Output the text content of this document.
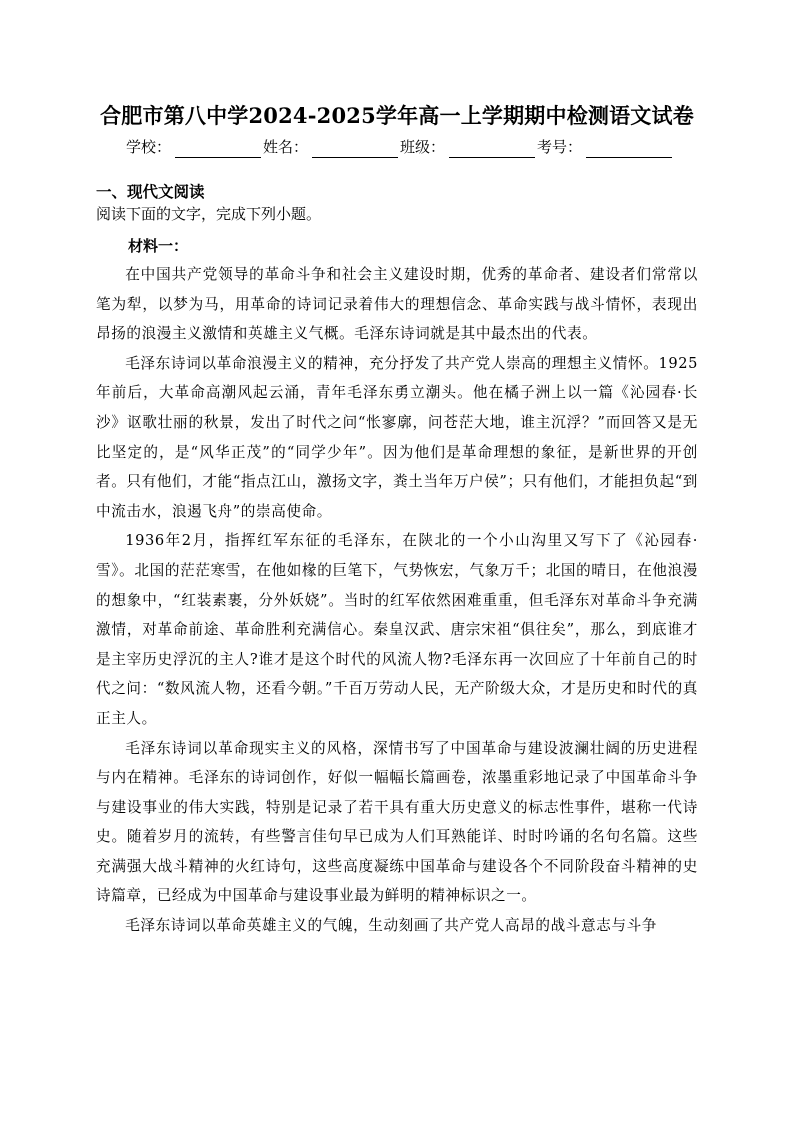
合肥市第八中学2024-2025学年高一上学期期中检测语文试卷
学校：	姓名：	班级：	考号：
一、现代文阅读
阅读下面的文字，完成下列小题。
材料一：

在中国共产党领导的革命斗争和社会主义建设时期，优秀的革命者、建设者们常常以笔为犁，以梦为马，用革命的诗词记录着伟大的理想信念、革命实践与战斗情怀，表现出昂扬的浪漫主义激情和英雄主义气概。毛泽东诗词就是其中最杰出的代表。

毛泽东诗词以革命浪漫主义的精神，充分抒发了共产党人崇高的理想主义情怀。1925年前后，大革命高潮风起云涌，青年毛泽东勇立潮头。他在橘子洲上以一篇《沁园春·长沙》讴歌壮丽的秋景，发出了时代之问“怅寥廓，问苍茫大地，谁主沉浮？”而回答又是无比坚定的，是“风华正茂”的“同学少年”。因为他们是革命理想的象征，是新世界的开创者。只有他们，才能“指点江山，激扬文字，粪土当年万户侯”；只有他们，才能担负起“到中流击水，浪遏飞舟”的崇高使命。

1936年2月，指挥红军东征的毛泽东，在陕北的一个小山沟里又写下了《沁园春·雪》。北国的茫茫寒雪，在他如椽的巨笔下，气势恢宏，气象万千；北国的晴日，在他浪漫的想象中，“红装素裹，分外妖娆”。当时的红军依然困难重重，但毛泽东对革命斗争充满激情，对革命前途、革命胜利充满信心。秦皇汉武、唐宗宋祖“俱往矣”，那么，到底谁才是主宰历史浮沉的主人?谁才是这个时代的风流人物?毛泽东再一次回应了十年前自己的时代之问：“数风流人物，还看今朝。”千百万劳动人民，无产阶级大众，才是历史和时代的真正主人。

毛泽东诗词以革命现实主义的风格，深情书写了中国革命与建设波澜壮阔的历史进程与内在精神。毛泽东的诗词创作，好似一幅幅长篇画卷，浓墨重彩地记录了中国革命斗争与建设事业的伟大实践，特别是记录了若干具有重大历史意义的标志性事件，堪称一代诗史。随着岁月的流转，有些警言佳句早已成为人们耳熟能详、时时吟诵的名句名篇。这些充满强大战斗精神的火红诗句，这些高度凝练中国革命与建设各个不同阶段奋斗精神的史诗篇章，已经成为中国革命与建设事业最为鲜明的精神标识之一。

毛泽东诗词以革命英雄主义的气魄，生动刻画了共产党人高昂的战斗意志与斗争
